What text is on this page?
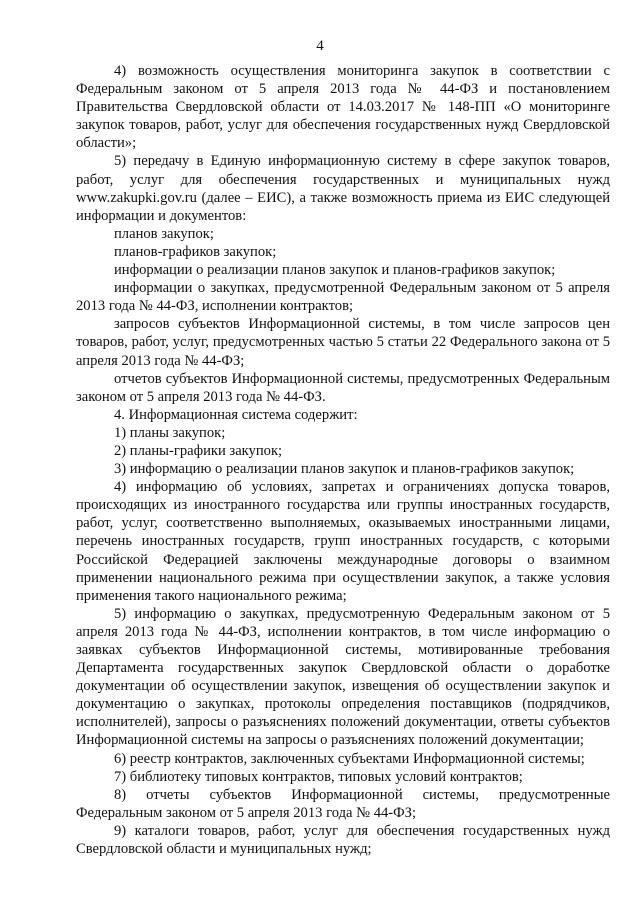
4

4) возможность осуществления мониторинга закупок в соответствии с Федеральным законом от 5 апреля 2013 года № 44-ФЗ и постановлением Правительства Свердловской области от 14.03.2017 № 148-ПП «О мониторинге закупок товаров, работ, услуг для обеспечения государственных нужд Свердловской области»;

5) передачу в Единую информационную систему в сфере закупок товаров, работ, услуг для обеспечения государственных и муниципальных нужд www.zakupki.gov.ru (далее – ЕИС), а также возможность приема из ЕИС следующей информации и документов:

планов закупок;

планов-графиков закупок;

информации о реализации планов закупок и планов-графиков закупок;

информации о закупках, предусмотренной Федеральным законом от 5 апреля 2013 года № 44-ФЗ, исполнении контрактов;

запросов субъектов Информационной системы, в том числе запросов цен товаров, работ, услуг, предусмотренных частью 5 статьи 22 Федерального закона от 5 апреля 2013 года № 44-ФЗ;

отчетов субъектов Информационной системы, предусмотренных Федеральным законом от 5 апреля 2013 года № 44-ФЗ.

4. Информационная система содержит:

1) планы закупок;

2) планы-графики закупок;

3) информацию о реализации планов закупок и планов-графиков закупок;

4) информацию об условиях, запретах и ограничениях допуска товаров, происходящих из иностранного государства или группы иностранных государств, работ, услуг, соответственно выполняемых, оказываемых иностранными лицами, перечень иностранных государств, групп иностранных государств, с которыми Российской Федерацией заключены международные договоры о взаимном применении национального режима при осуществлении закупок, а также условия применения такого национального режима;

5) информацию о закупках, предусмотренную Федеральным законом от 5 апреля 2013 года № 44-ФЗ, исполнении контрактов, в том числе информацию о заявках субъектов Информационной системы, мотивированные требования Департамента государственных закупок Свердловской области о доработке документации об осуществлении закупок, извещения об осуществлении закупок и документацию о закупках, протоколы определения поставщиков (подрядчиков, исполнителей), запросы о разъяснениях положений документации, ответы субъектов Информационной системы на запросы о разъяснениях положений документации;

6) реестр контрактов, заключенных субъектами Информационной системы;

7) библиотеку типовых контрактов, типовых условий контрактов;

8) отчеты субъектов Информационной системы, предусмотренные Федеральным законом от 5 апреля 2013 года № 44-ФЗ;

9) каталоги товаров, работ, услуг для обеспечения государственных нужд Свердловской области и муниципальных нужд;
